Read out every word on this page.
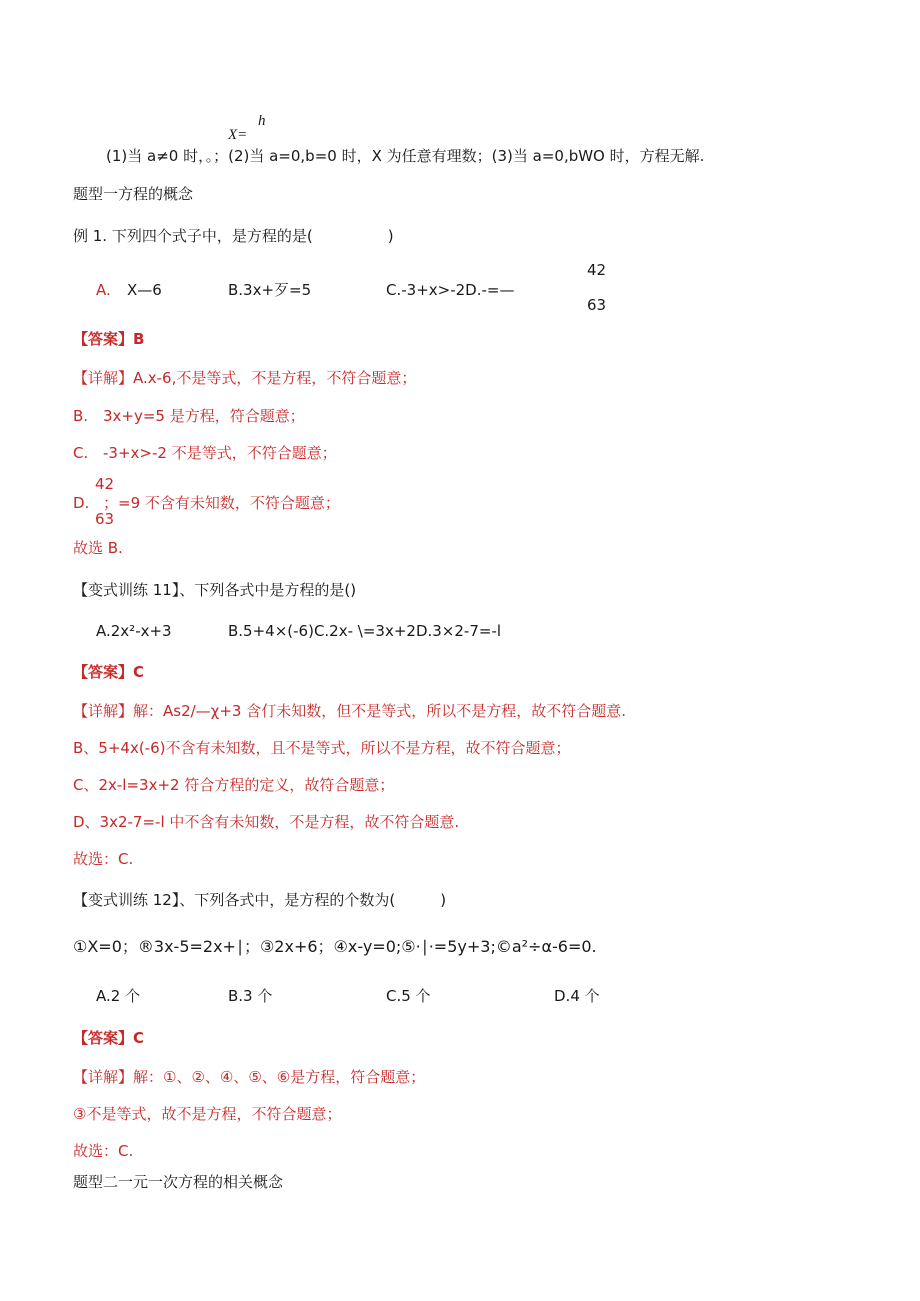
h
X=
(1)当 a≠0 时，。；(2)当 a=0,b=0 时，X 为任意有理数；(3)当 a=0,bWO 时，方程无解.
题型一方程的概念
例 1. 下列四个式子中，是方程的是(　　　　　)
A. X—6	B.3x+歹=5	C.-3+x>-2D.-=—
42
63
【答案】B
【详解】A.x-6,不是等式，不是方程，不符合题意；
B. 3x+y=5 是方程，符合题意；
C. -3+x>-2 不是等式，不符合题意；
42
D. ；=9 不含有未知数，不符合题意；
63
故选 B.
【变式训练 11】、下列各式中是方程的是()
A.2x²-x+3	B.5+4×(-6)C.2x- \=3x+2D.3×2-7=-l
【答案】C
【详解】解：As2/—χ+3 含仃未知数，但不是等式，所以不是方程，故不符合题意.
B、5+4x(-6)不含有未知数，且不是等式，所以不是方程，故不符合题意；
C、2x-l=3x+2 符合方程的定义，故符合题意；
D、3x2-7=-l 中不含有未知数，不是方程，故不符合题意.
故选：C.
【变式训练 12】、下列各式中，是方程的个数为(　　　)
①X=0；®3x-5=2x+∣；③2x+6；④x-y=0;⑤·∣·=5y+3;©a²÷α-6=0.
A.2 个	B.3 个	C.5 个	D.4 个
【答案】C
【详解】解：①、②、④、⑤、⑥是方程，符合题意；
③不是等式，故不是方程，不符合题意；
故选：C.
题型二一元一次方程的相关概念
